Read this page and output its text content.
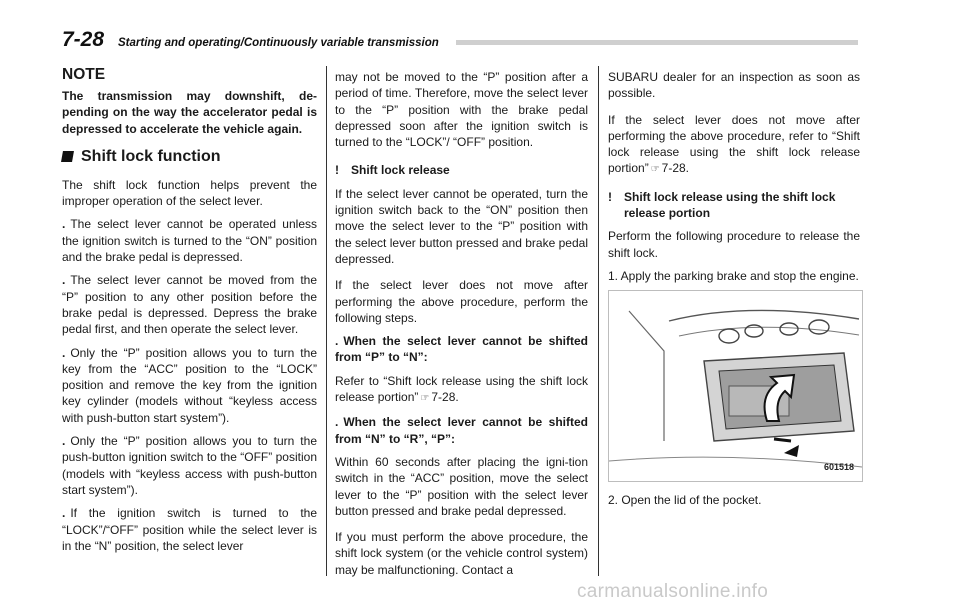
7-28 Starting and operating/Continuously variable transmission

NOTE

The transmission may downshift, de-pending on the way the accelerator pedal is depressed to accelerate the vehicle again.

Shift lock function

The shift lock function helps prevent the improper operation of the select lever.

. The select lever cannot be operated unless the ignition switch is turned to the “ON” position and the brake pedal is depressed.

. The select lever cannot be moved from the “P” position to any other position before the brake pedal is depressed. Depress the brake pedal first, and then operate the select lever.

. Only the “P” position allows you to turn the key from the “ACC” position to the “LOCK” position and remove the key from the ignition key cylinder (models without “keyless access with push-button start system”).

. Only the “P” position allows you to turn the push-button ignition switch to the “OFF” position (models with “keyless access with push-button start system”).

. If the ignition switch is turned to the “LOCK”/“OFF” position while the select lever is in the “N” position, the select lever

may not be moved to the “P” position after a period of time. Therefore, move the select lever to the “P” position with the brake pedal depressed soon after the ignition switch is turned to the “LOCK”/ “OFF” position.

!	Shift lock release

If the select lever cannot be operated, turn the ignition switch back to the “ON” position then move the select lever to the “P” position with the select lever button pressed and brake pedal depressed.

If the select lever does not move after performing the above procedure, perform the following steps.

. When the select lever cannot be shifted from “P” to “N”:

Refer to “Shift lock release using the shift lock release portion” ☞ 7-28.

. When the select lever cannot be shifted from “N” to “R”, “P”:

Within 60 seconds after placing the igni-tion switch in the “ACC” position, move the select lever to the “P” position with the select lever button pressed and brake pedal depressed.

If you must perform the above procedure, the shift lock system (or the vehicle control system) may be malfunctioning. Contact a

SUBARU dealer for an inspection as soon as possible.

If the select lever does not move after performing the above procedure, refer to “Shift lock release using the shift lock release portion” ☞ 7-28.

!	Shift lock release using the shift lock release portion

Perform the following procedure to release the shift lock.

1. Apply the parking brake and stop the engine.

601518

2. Open the lid of the pocket.

carmanualsonline.info
